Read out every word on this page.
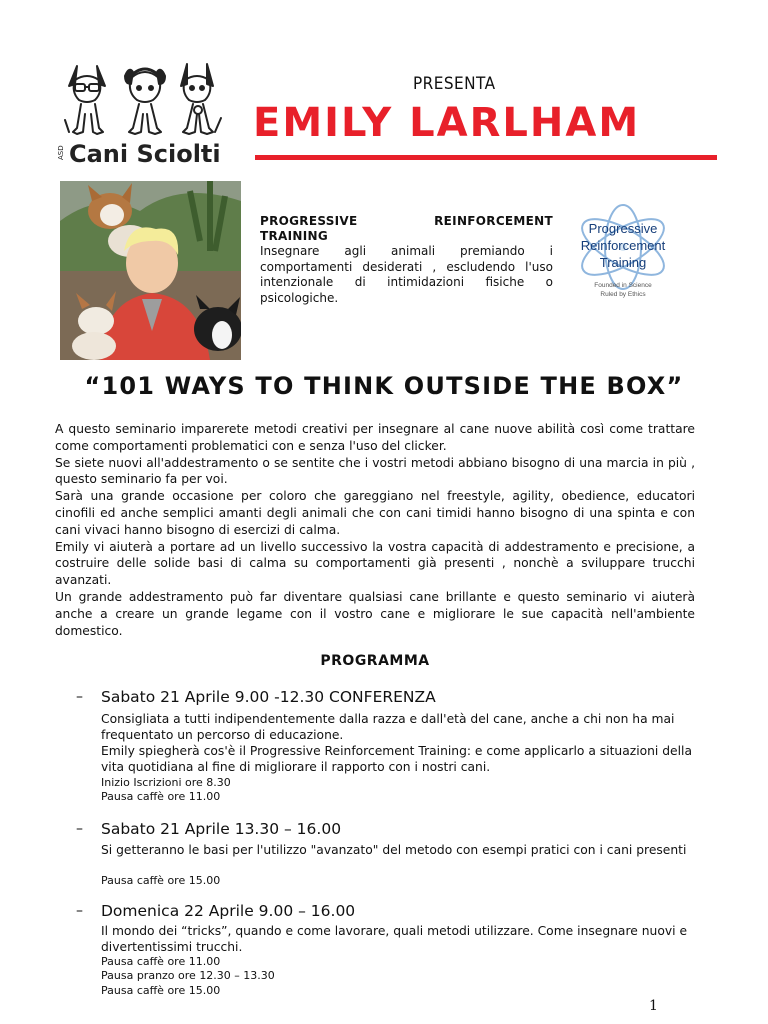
ASD Cani Sciolti
PRESENTA
EMILY LARLHAM
PROGRESSIVE	REINFORCEMENT
TRAINING
Insegnare agli animali premiando i comportamenti desiderati , escludendo l'uso intenzionale di intimidazioni fisiche o psicologiche.
Progressive
Reinforcement
Training
Founded in Science
Ruled by Ethics
“101 WAYS TO THINK OUTSIDE THE BOX”

A questo seminario imparerete metodi creativi per insegnare al cane nuove abilità così come trattare come comportamenti problematici con e senza l'uso del clicker.

Se siete nuovi all'addestramento o se sentite che i vostri metodi abbiano bisogno di una marcia in più , questo seminario fa per voi.

Sarà una grande occasione per coloro che gareggiano nel freestyle, agility, obedience, educatori cinofili ed anche semplici amanti degli animali che con cani timidi hanno bisogno di una spinta e con cani vivaci hanno bisogno di esercizi di calma.

Emily vi aiuterà a portare ad un livello successivo la vostra capacità di addestramento e precisione, a costruire delle solide basi di calma su comportamenti già presenti , nonchè a sviluppare trucchi avanzati.

Un grande addestramento può far diventare qualsiasi cane brillante e questo seminario vi aiuterà anche a creare un grande legame con il vostro cane e migliorare le sue capacità nell'ambiente domestico.

PROGRAMMA
– Sabato 21 Aprile 9.00 -12.30 CONFERENZA
Consigliata a tutti indipendentemente dalla razza e dall'età del cane, anche a chi non ha mai frequentato un percorso di educazione.
Emily spiegherà cos'è il Progressive Reinforcement Training: e come applicarlo a situazioni della vita quotidiana al fine di migliorare il rapporto con i nostri cani.
Inizio Iscrizioni ore 8.30
Pausa caffè ore 11.00
– Sabato 21 Aprile 13.30 – 16.00
Si getteranno le basi per l'utilizzo "avanzato" del metodo con esempi pratici con i cani presenti
Pausa caffè ore 15.00
– Domenica 22 Aprile 9.00 – 16.00
Il mondo dei “tricks”, quando e come lavorare, quali metodi utilizzare. Come insegnare nuovi e divertentissimi trucchi.
Pausa caffè ore 11.00
Pausa pranzo ore 12.30 – 13.30
Pausa caffè ore 15.00
1
